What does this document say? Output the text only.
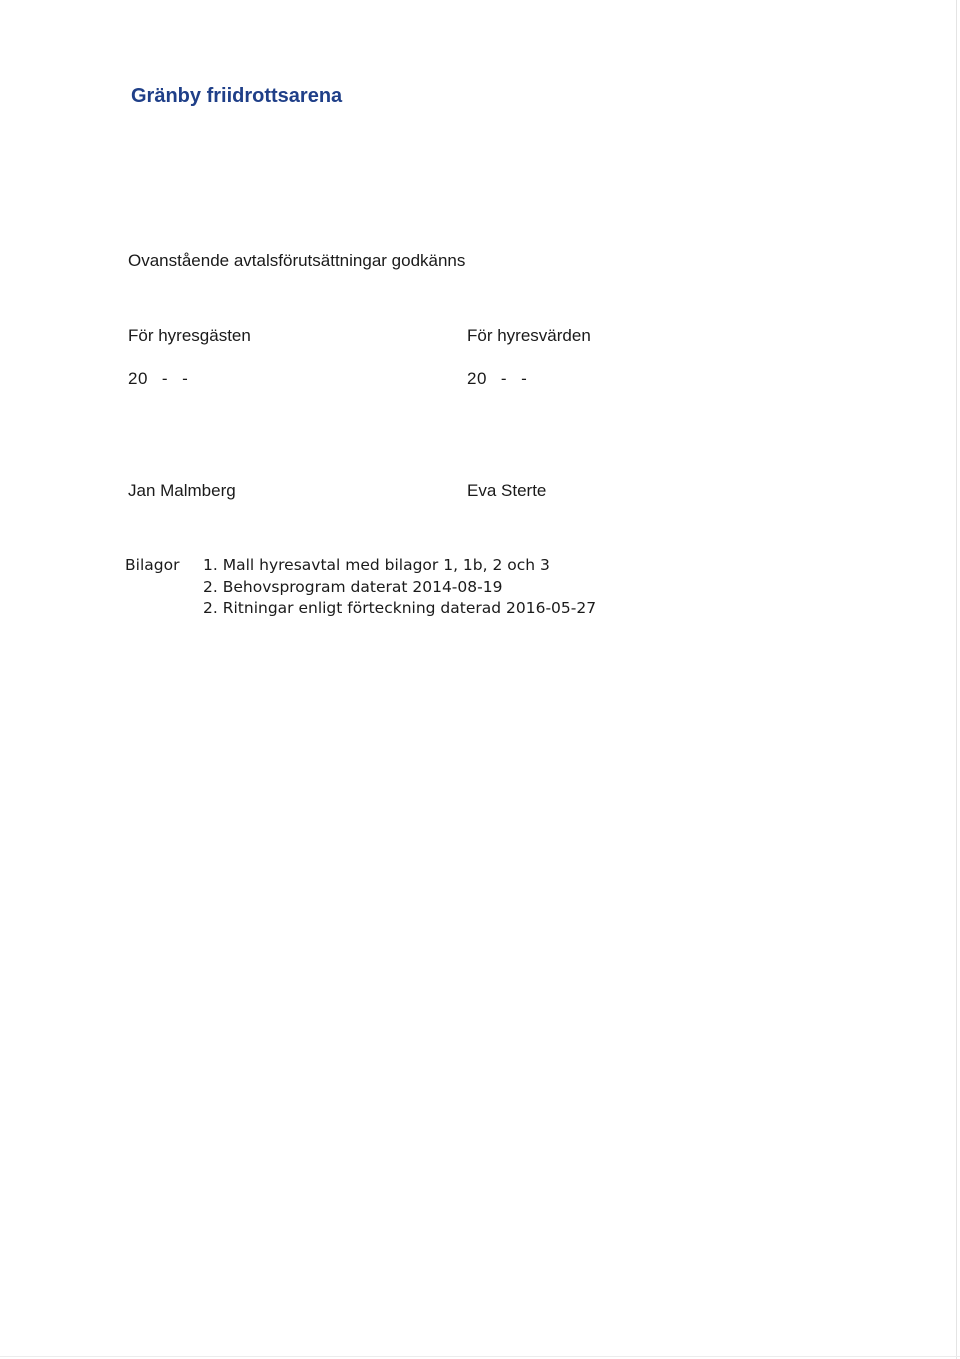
Gränby friidrottsarena
Ovanstående avtalsförutsättningar godkänns
För hyresgästen	För hyresvärden
20 - -	20 - -
Jan Malmberg	Eva Sterte
Bilagor 1. Mall hyresavtal med bilagor 1, 1b, 2 och 3
2. Behovsprogram daterat 2014-08-19
2. Ritningar enligt förteckning daterad 2016-05-27
